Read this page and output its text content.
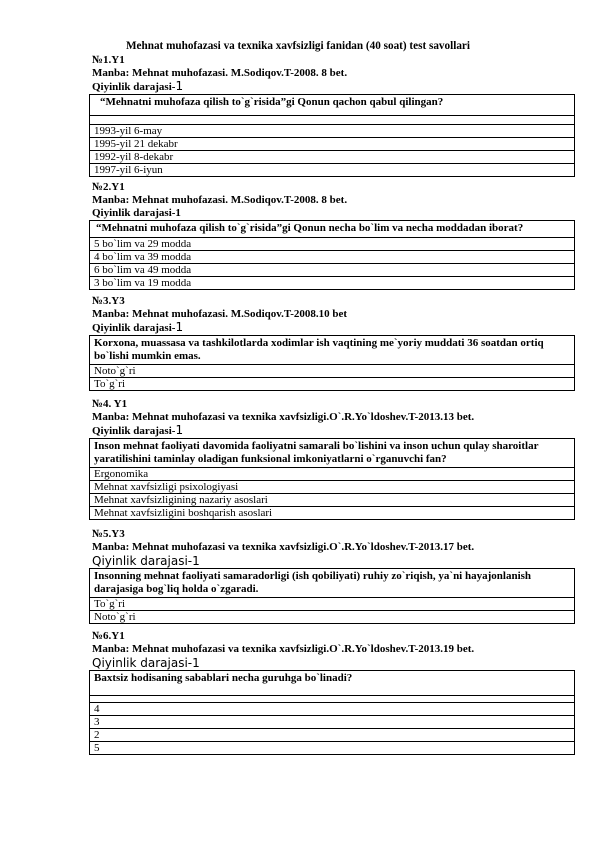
Mehnat muhofazasi va texnika xavfsizligi fanidan (40 soat) test savollari
№1.Y1
Manba: Mehnat muhofazasi. M.Sodiqov.T-2008. 8 bet.
Qiyinlik darajasi-1
“Mehnatni muhofaza qilish to`g`risida”gi Qonun qachon qabul qilingan?

1993-yil 6-may
1995-yil 21 dekabr
1992-yil 8-dekabr
1997-yil 6-iyun
№2.Y1
Manba: Mehnat muhofazasi. M.Sodiqov.T-2008. 8 bet.
Qiyinlik darajasi-1
“Mehnatni muhofaza qilish to`g`risida”gi Qonun necha bo`lim va necha moddadan iborat?
5 bo`lim va 29 modda
4 bo`lim va 39 modda
6 bo`lim va 49 modda
3 bo`lim va 19 modda
№3.Y3
Manba: Mehnat muhofazasi. M.Sodiqov.T-2008.10 bet
Qiyinlik darajasi-1
Korxona, muassasa va tashkilotlarda xodimlar ish vaqtining me`yoriy muddati 36 soatdan ortiq bo`lishi mumkin emas.
Noto`g`ri
To`g`ri
№4. Y1
Manba: Mehnat muhofazasi va texnika xavfsizligi.O`.R.Yo`ldoshev.T-2013.13 bet.
Qiyinlik darajasi-1
Inson mehnat faoliyati davomida faoliyatni samarali bo`lishini va inson uchun qulay sharoitlar yaratilishini taminlay oladigan funksional imkoniyatlarni o`rganuvchi fan?
Ergonomika
Mehnat xavfsizligi psixologiyasi
Mehnat xavfsizligining nazariy asoslari
Mehnat xavfsizligini boshqarish asoslari
№5.Y3
Manba: Mehnat muhofazasi va texnika xavfsizligi.O`.R.Yo`ldoshev.T-2013.17 bet.
Qiyinlik darajasi-1
Insonning mehnat faoliyati samaradorligi (ish qobiliyati) ruhiy zo`riqish, ya`ni hayajonlanish darajasiga bog`liq holda o`zgaradi.
To`g`ri
Noto`g`ri
№6.Y1
Manba: Mehnat muhofazasi va texnika xavfsizligi.O`.R.Yo`ldoshev.T-2013.19 bet.
Qiyinlik darajasi-1
Baxtsiz hodisaning sabablari necha guruhga bo`linadi?

4
3
2
5
